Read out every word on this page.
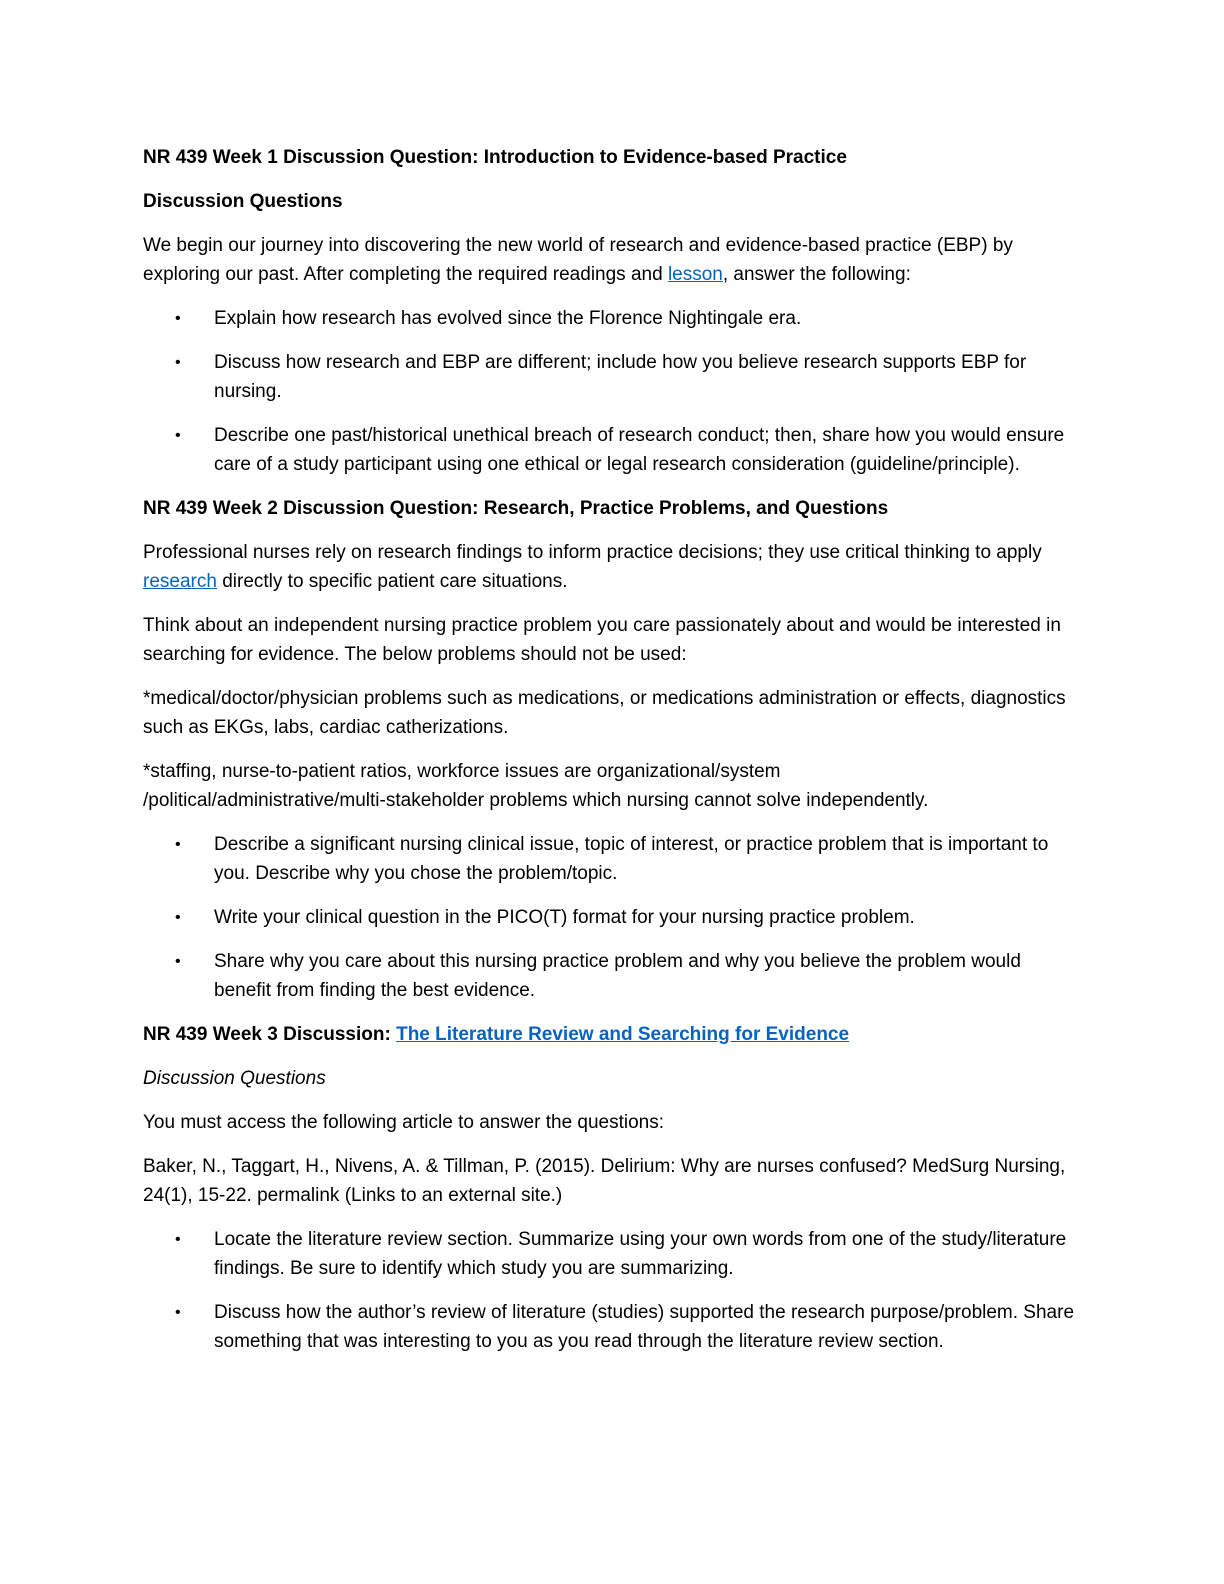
NR 439 Week 1 Discussion Question: Introduction to Evidence-based Practice

Discussion Questions

We begin our journey into discovering the new world of research and evidence-based practice (EBP) by exploring our past. After completing the required readings and lesson, answer the following:

• Explain how research has evolved since the Florence Nightingale era.
• Discuss how research and EBP are different; include how you believe research supports EBP for nursing.
• Describe one past/historical unethical breach of research conduct; then, share how you would ensure care of a study participant using one ethical or legal research consideration (guideline/principle).

NR 439 Week 2 Discussion Question: Research, Practice Problems, and Questions

Professional nurses rely on research findings to inform practice decisions; they use critical thinking to apply research directly to specific patient care situations.

Think about an independent nursing practice problem you care passionately about and would be interested in searching for evidence. The below problems should not be used:

*medical/doctor/physician problems such as medications, or medications administration or effects, diagnostics such as EKGs, labs, cardiac catherizations.

*staffing, nurse-to-patient ratios, workforce issues are organizational/system
/political/administrative/multi-stakeholder problems which nursing cannot solve independently.

• Describe a significant nursing clinical issue, topic of interest, or practice problem that is important to you. Describe why you chose the problem/topic.
• Write your clinical question in the PICO(T) format for your nursing practice problem.
• Share why you care about this nursing practice problem and why you believe the problem would benefit from finding the best evidence.

NR 439 Week 3 Discussion: The Literature Review and Searching for Evidence

Discussion Questions

You must access the following article to answer the questions:

Baker, N., Taggart, H., Nivens, A. & Tillman, P. (2015). Delirium: Why are nurses confused? MedSurg Nursing, 24(1), 15-22. permalink (Links to an external site.)

• Locate the literature review section. Summarize using your own words from one of the study/literature findings. Be sure to identify which study you are summarizing.
• Discuss how the author’s review of literature (studies) supported the research purpose/problem. Share something that was interesting to you as you read through the literature review section.
